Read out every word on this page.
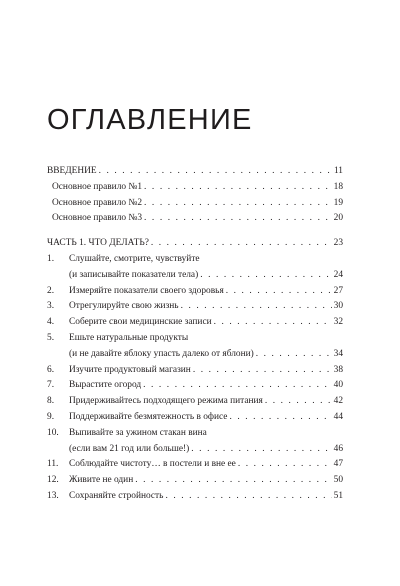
ОГЛАВЛЕНИЕ
ВВЕДЕНИЕ . . .	11
Основное правило №1 . . .	18
Основное правило №2 . . .	19
Основное правило №3 . . .	20
ЧАСТЬ 1. ЧТО ДЕЛАТЬ? . . .	23
1. Слушайте, смотрите, чувствуйте
(и записывайте показатели тела) . . .	24
2. Измеряйте показатели своего здоровья . . .	27
3. Отрегулируйте свою жизнь . . .	30
4. Соберите свои медицинские записи . . .	32
5. Ешьте натуральные продукты
(и не давайте яблоку упасть далеко от яблони) . . .	34
6. Изучите продуктовый магазин . . .	38
7. Вырастите огород . . .	40
8. Придерживайтесь подходящего режима питания . . .	42
9. Поддерживайте безмятежность в офисе . . .	44
10. Выпивайте за ужином стакан вина
(если вам 21 год или больше!) . . .	46
11. Соблюдайте чистоту… в постели и вне ее . . .	47
12. Живите не один . . .	50
13. Сохраняйте стройность . . .	51
